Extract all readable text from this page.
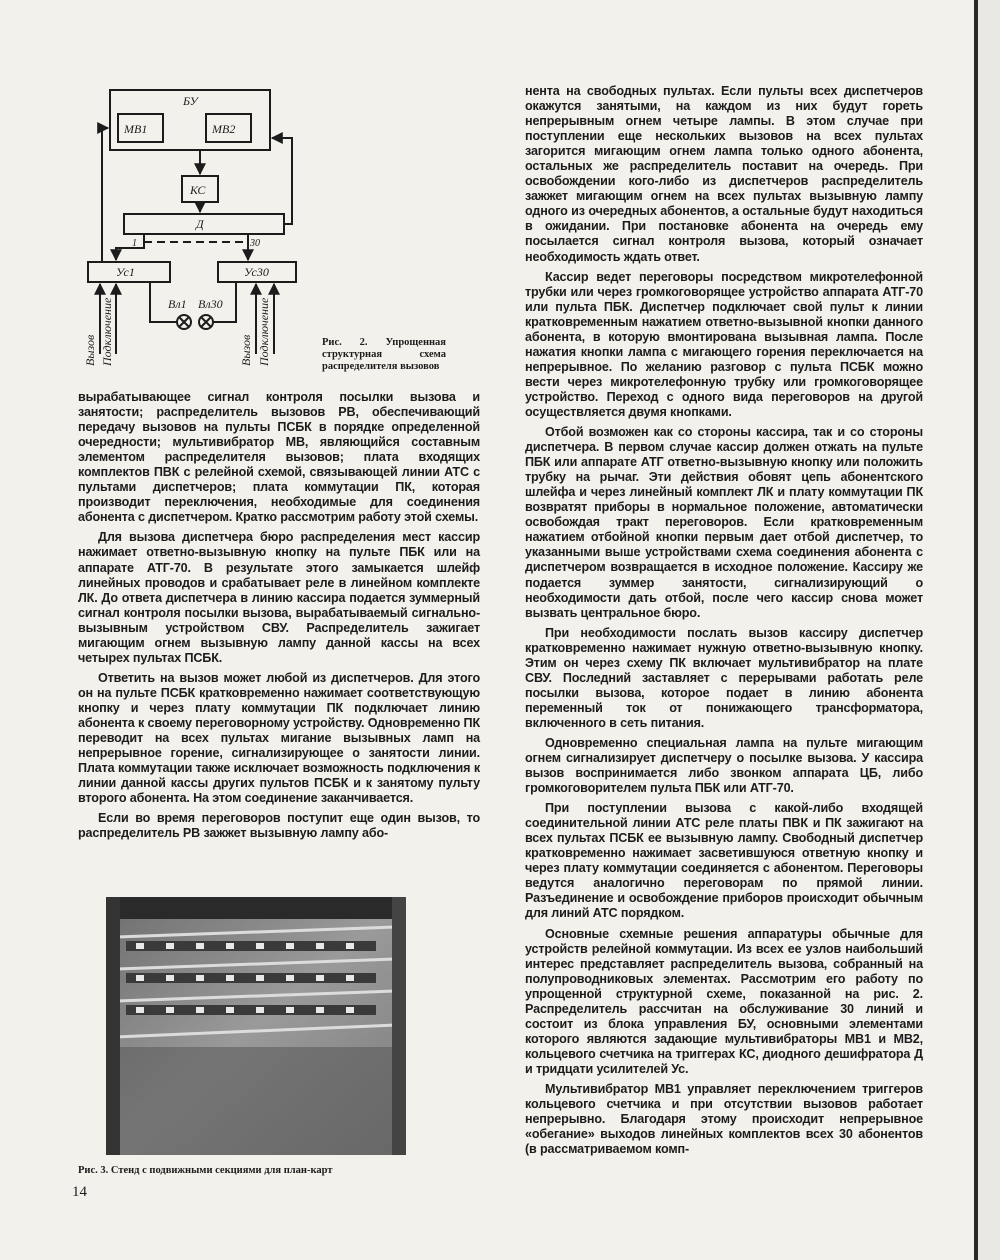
БУ
МВ1	МВ2
КС
Д
1	30
Ус1	Ус30
Вл1 Вл30
Вызов Подключение	Вызов Подключение	Рис. 2. Упрощенная структурная схема распределителя вызовов

вырабатывающее сигнал контроля посылки вызова и занятости; распределитель вызовов РВ, обеспечивающий передачу вызовов на пульты ПСБК в порядке определенной очередности; мультивибратор МВ, являющийся составным элементом распределителя вызовов; плата входящих комплектов ПВК с релейной схемой, связывающей линии АТС с пультами диспетчеров; плата коммутации ПК, которая производит переключения, необходимые для соединения абонента с диспетчером. Кратко рассмотрим работу этой схемы.

Для вызова диспетчера бюро распределения мест кассир нажимает ответно-вызывную кнопку на пульте ПБК или на аппарате АТГ-70. В результате этого замыкается шлейф линейных проводов и срабатывает реле в линейном комплекте ЛК. До ответа диспетчера в линию кассира подается зуммерный сигнал контроля посылки вызова, вырабатываемый сигнально-вызывным устройством СВУ. Распределитель зажигает мигающим огнем вызывную лампу данной кассы на всех четырех пультах ПСБК.

Ответить на вызов может любой из диспетчеров. Для этого он на пульте ПСБК кратковременно нажимает соответствующую кнопку и через плату коммутации ПК подключает линию абонента к своему переговорному устройству. Одновременно ПК переводит на всех пультах мигание вызывных ламп на непрерывное горение, сигнализирующее о занятости линии. Плата коммутации также исключает возможность подключения к линии данной кассы других пультов ПСБК и к занятому пульту второго абонента. На этом соединение заканчивается.

Если во время переговоров поступит еще один вызов, то распределитель РВ зажжет вызывную лампу або-

Рис. 3. Стенд с подвижными секциями для план-карт
14

нента на свободных пультах. Если пульты всех диспетчеров окажутся занятыми, на каждом из них будут гореть непрерывным огнем четыре лампы. В этом случае при поступлении еще нескольких вызовов на всех пультах загорится мигающим огнем лампа только одного абонента, остальных же распределитель поставит на очередь. При освобождении кого-либо из диспетчеров распределитель зажжет мигающим огнем на всех пультах вызывную лампу одного из очередных абонентов, а остальные будут находиться в ожидании. При постановке абонента на очередь ему посылается сигнал контроля вызова, который означает необходимость ждать ответ.

Кассир ведет переговоры посредством микротелефонной трубки или через громкоговорящее устройство аппарата АТГ-70 или пульта ПБК. Диспетчер подключает свой пульт к линии кратковременным нажатием ответно-вызывной кнопки данного абонента, в которую вмонтирована вызывная лампа. После нажатия кнопки лампа с мигающего горения переключается на непрерывное. По желанию разговор с пульта ПСБК можно вести через микротелефонную трубку или громкоговорящее устройство. Переход с одного вида переговоров на другой осуществляется двумя кнопками.

Отбой возможен как со стороны кассира, так и со стороны диспетчера. В первом случае кассир должен отжать на пульте ПБК или аппарате АТГ ответно-вызывную кнопку или положить трубку на рычаг. Эти действия обовят цепь абонентского шлейфа и через линейный комплект ЛК и плату коммутации ПК возвратят приборы в нормальное положение, автоматически освобождая тракт переговоров. Если кратковременным нажатием отбойной кнопки первым дает отбой диспетчер, то указанными выше устройствами схема соединения абонента с диспетчером возвращается в исходное положение. Кассиру же подается зуммер занятости, сигнализирующий о необходимости дать отбой, после чего кассир снова может вызвать центральное бюро.

При необходимости послать вызов кассиру диспетчер кратковременно нажимает нужную ответно-вызывную кнопку. Этим он через схему ПК включает мультивибратор на плате СВУ. Последний заставляет с перерывами работать реле посылки вызова, которое подает в линию абонента переменный ток от понижающего трансформатора, включенного в сеть питания.

Одновременно специальная лампа на пульте мигающим огнем сигнализирует диспетчеру о посылке вызова. У кассира вызов воспринимается либо звонком аппарата ЦБ, либо громкоговорителем пульта ПБК или АТГ-70.

При поступлении вызова с какой-либо входящей соединительной линии АТС реле платы ПВК и ПК зажигают на всех пультах ПСБК ее вызывную лампу. Свободный диспетчер кратковременно нажимает засветившуюся ответную кнопку и через плату коммутации соединяется с абонентом. Переговоры ведутся аналогично переговорам по прямой линии. Разъединение и освобождение приборов происходит обычным для линий АТС порядком.

Основные схемные решения аппаратуры обычные для устройств релейной коммутации. Из всех ее узлов наибольший интерес представляет распределитель вызова, собранный на полупроводниковых элементах. Рассмотрим его работу по упрощенной структурной схеме, показанной на рис. 2. Распределитель рассчитан на обслуживание 30 линий и состоит из блока управления БУ, основными элементами которого являются задающие мультивибраторы МВ1 и МВ2, кольцевого счетчика на триггерах КС, диодного дешифратора Д и тридцати усилителей Ус.

Мультивибратор МВ1 управляет переключением триггеров кольцевого счетчика и при отсутствии вызовов работает непрерывно. Благодаря этому происходит непрерывное «обегание» выходов линейных комплектов всех 30 абонентов (в рассматриваемом комп-
